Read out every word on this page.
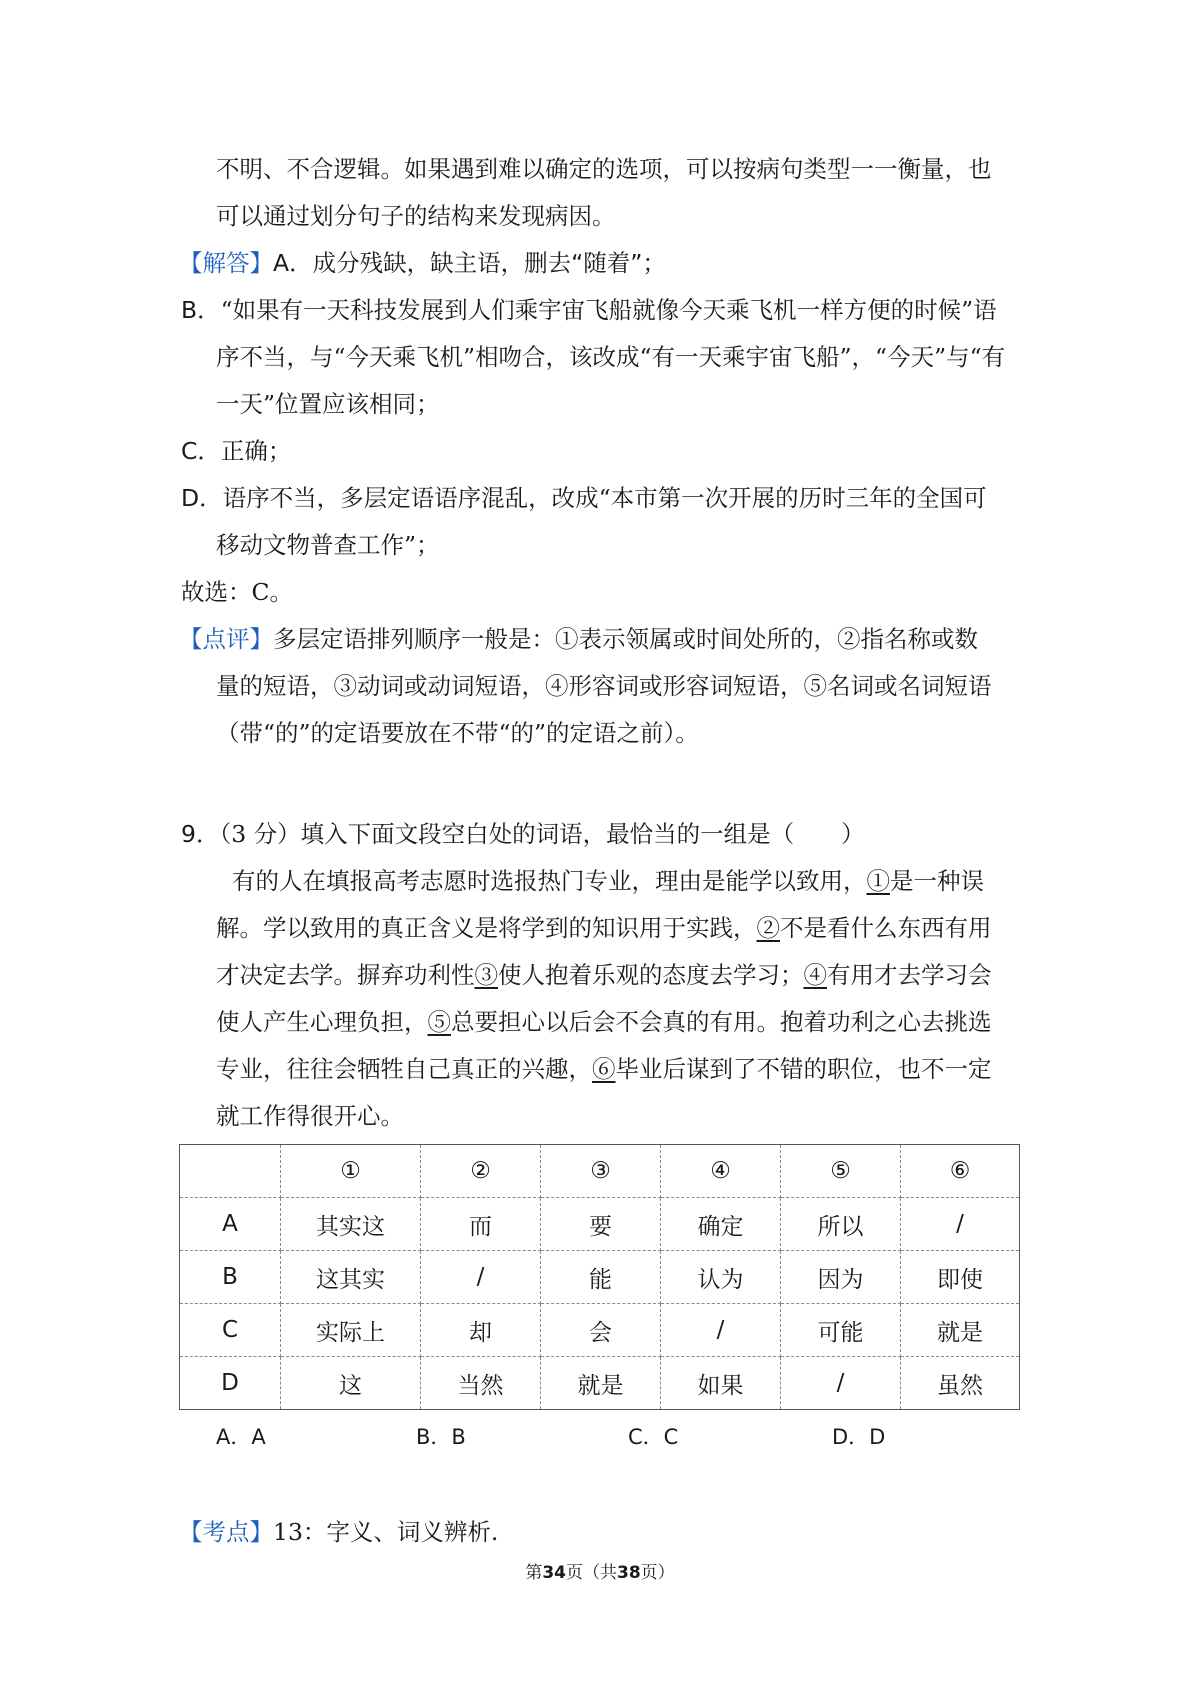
不明、不合逻辑。如果遇到难以确定的选项，可以按病句类型一一衡量，也
可以通过划分句子的结构来发现病因。
【解答】A．成分残缺，缺主语，删去“随着”；
B．“如果有一天科技发展到人们乘宇宙飞船就像今天乘飞机一样方便的时候”语
序不当，与“今天乘飞机”相吻合，该改成“有一天乘宇宙飞船”，“今天”与“有
一天”位置应该相同；
C．正确；
D．语序不当，多层定语语序混乱，改成“本市第一次开展的历时三年的全国可
移动文物普查工作”；
故选：C。
【点评】多层定语排列顺序一般是：①表示领属或时间处所的，②指名称或数
量的短语，③动词或动词短语，④形容词或形容词短语，⑤名词或名词短语
（带“的”的定语要放在不带“的”的定语之前）。
9．（3 分）填入下面文段空白处的词语，最恰当的一组是（　　）
有的人在填报高考志愿时选报热门专业，理由是能学以致用，①是一种误
解。学以致用的真正含义是将学到的知识用于实践，②不是看什么东西有用
才决定去学。摒弃功利性③使人抱着乐观的态度去学习；④有用才去学习会
使人产生心理负担，⑤总要担心以后会不会真的有用。抱着功利之心去挑选
专业，往往会牺牲自己真正的兴趣，⑥毕业后谋到了不错的职位，也不一定
就工作得很开心。
	①	②	③	④	⑤	⑥
A	其实这	而	要	确定	所以	/
B	这其实	/	能	认为	因为	即使
C	实际上	却	会	/	可能	就是
D	这	当然	就是	如果	/	虽然
A．A	B．B	C．C	D．D
【考点】13：字义、词义辨析.
第34页（共38页）
